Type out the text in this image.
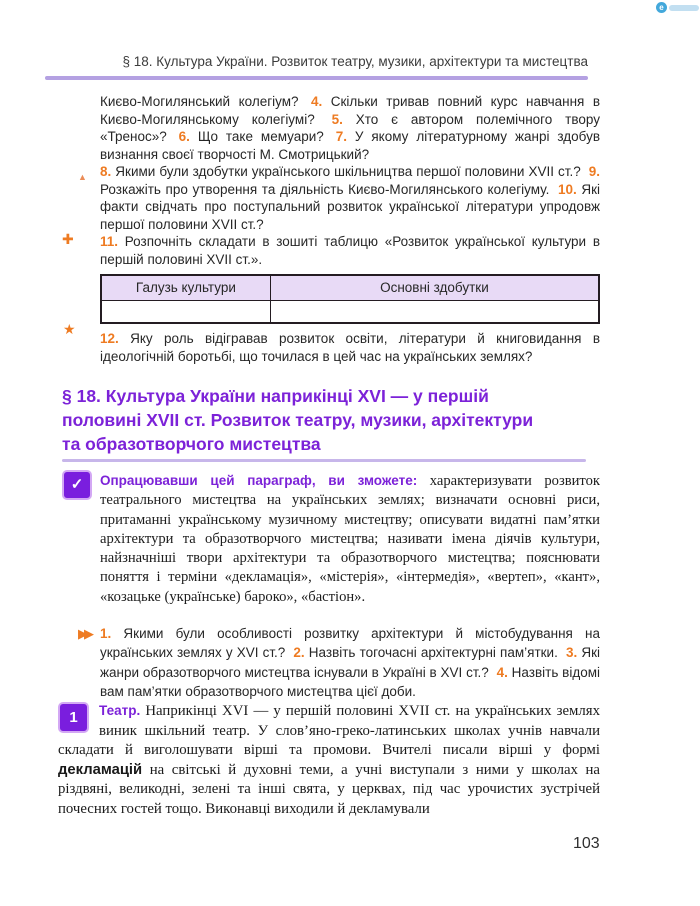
e
§ 18. Культура України. Розвиток театру, музики, архітектури та мистецтва
▲
✚
★
▶▶

Києво-Могилянський колегіум? 4. Скільки тривав повний курс навчання в Києво-Могилянському колегіумі? 5. Хто є автором полемічного твору «Тренос»? 6. Що таке мемуари? 7. У якому літературному жанрі здобув визнання своєї творчості М. Смотрицький?

8. Якими були здобутки українського шкільництва першої половини XVII ст.? 9. Розкажіть про утворення та діяльність Києво-Могилянського колегіуму. 10. Які факти свідчать про поступальний розвиток української літератури упродовж першої половини XVII ст.?

11. Розпочніть складати в зошиті таблицю «Розвиток української культури в першій половині XVII ст.».

Галузь культури	Основні здобутки

12. Яку роль відігравав розвиток освіти, літератури й книговидання в ідеологічній боротьбі, що точилася в цей час на українських землях?

§ 18. Культура України наприкінці XVI — у першій
половині XVII ст. Розвиток театру, музики, архітектури
та образотворчого мистецтва
✓	Опрацювавши цей параграф, ви зможете: характеризувати розвиток театрального мистецтва на українських землях; визначати основні риси, притаманні українському музичному мистецтву; описувати видатні пам’ятки архітектури та образотворчого мистецтва; називати імена діячів культури, найзначніші твори архітектури та образотворчого мистецтва; пояснювати поняття і терміни «декламація», «містерія», «інтермедія», «вертеп», «кант», «козацьке (українське) бароко», «бастіон».
1. Якими були особливості розвитку архітектури й містобудування на українських землях у XVI ст.? 2. Назвіть тогочасні архітектурні пам’ятки. 3. Які жанри образотворчого мистецтва існували в Україні в XVI ст.? 4. Назвіть відомі вам пам’ятки образотворчого мистецтва цієї доби.
1	Театр. Наприкінці XVI — у першій половині XVII ст. на українських землях виник шкільний театр. У слов’яно-греко-латинських школах учнів навчали складати й виголошувати вірші та промови. Вчителі писали вірші у формі декламацій на світські й духовні теми, а учні виступали з ними у школах на різдвяні, великодні, зелені та інші свята, у церквах, під час урочистих зустрічей почесних гостей тощо. Виконавці виходили й декламували
103
